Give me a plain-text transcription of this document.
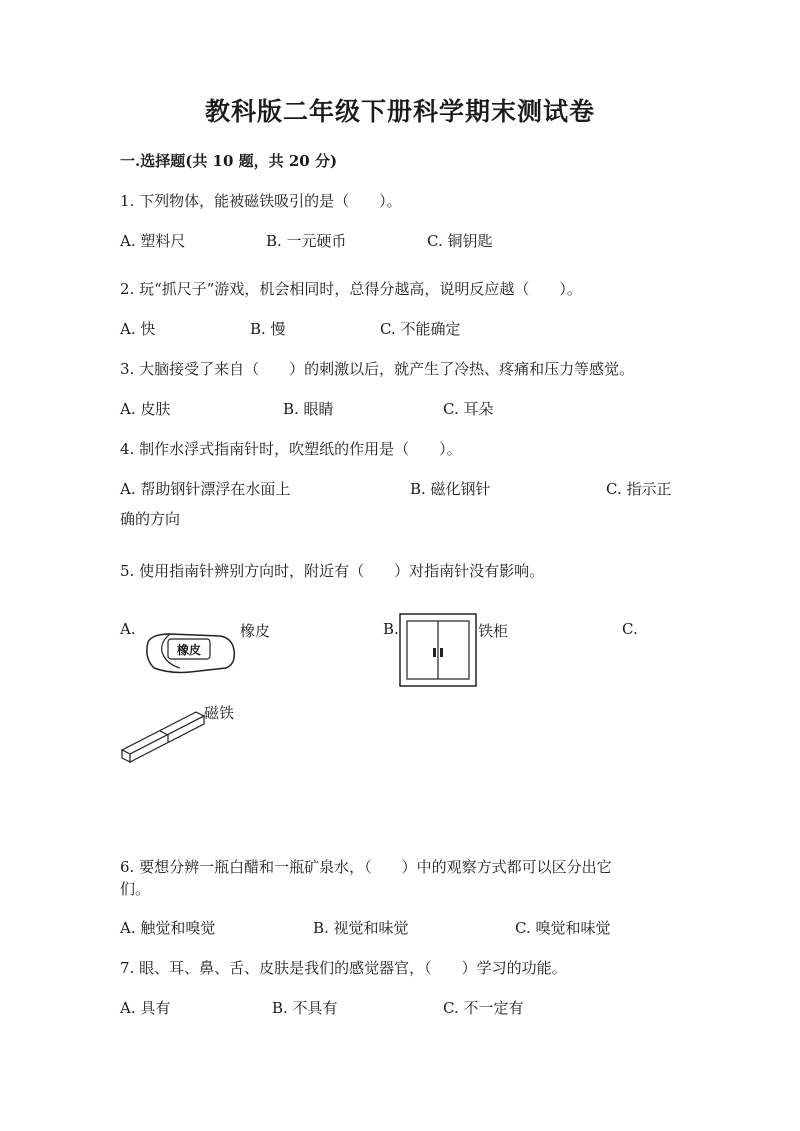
教科版二年级下册科学期末测试卷
一.选择题(共 10 题，共 20 分)
1. 下列物体，能被磁铁吸引的是（　　）。
A. 塑料尺	B. 一元硬币	C. 铜钥匙
2. 玩“抓尺子”游戏，机会相同时，总得分越高，说明反应越（　　）。
A. 快	B. 慢	C. 不能确定
3. 大脑接受了来自（　　）的刺激以后，就产生了冷热、疼痛和压力等感觉。
A. 皮肤	B. 眼睛	C. 耳朵
4. 制作水浮式指南针时，吹塑纸的作用是（　　）。
A. 帮助钢针漂浮在水面上	B. 磁化钢针	C. 指示正
确的方向
5. 使用指南针辨别方向时，附近有（　　）对指南针没有影响。
A.
橡皮
橡皮	B.	铁柜	C.
磁铁
6. 要想分辨一瓶白醋和一瓶矿泉水，（　　）中的观察方式都可以区分出它
们。
A. 触觉和嗅觉	B. 视觉和味觉	C. 嗅觉和味觉
7. 眼、耳、鼻、舌、皮肤是我们的感觉器官，（　　）学习的功能。
A. 具有	B. 不具有	C. 不一定有
